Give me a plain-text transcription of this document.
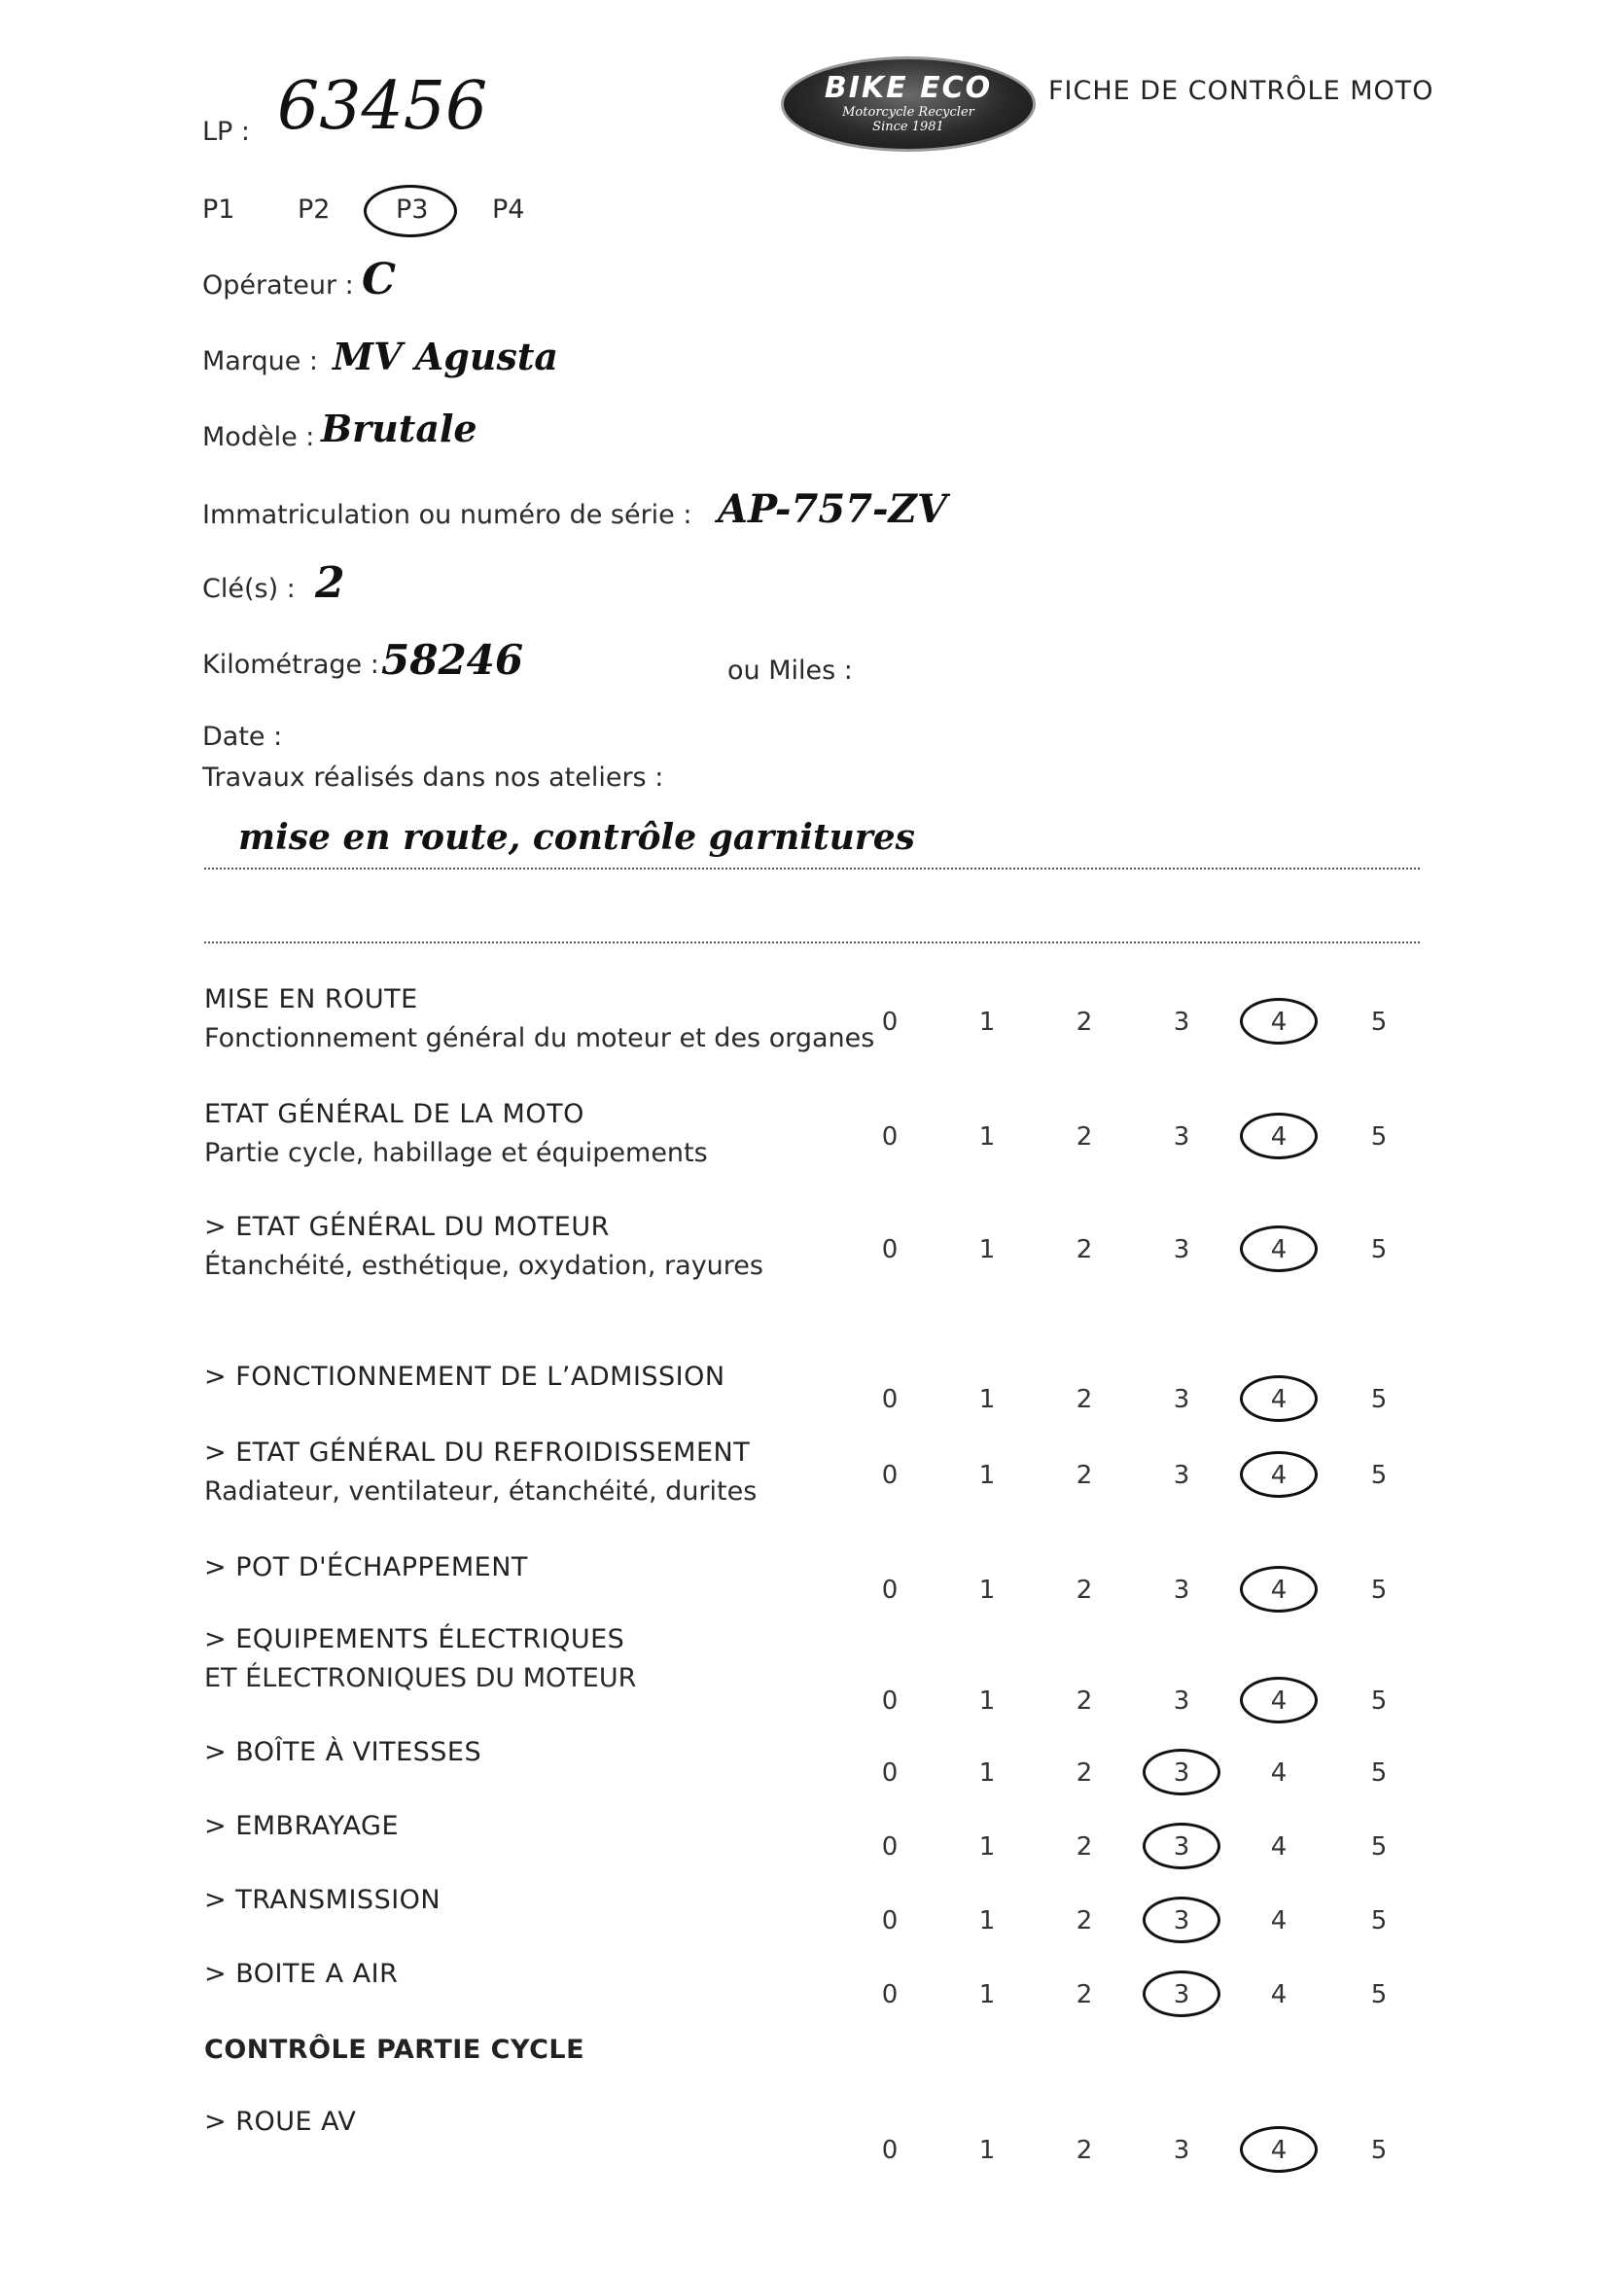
BIKE ECO
Motorcycle Recycler
Since 1981
FICHE DE CONTRÔLE MOTO
LP : 63456
P1 P2	P3 P4
Opérateur : C
Marque : MV Agusta
Modèle : Brutale
Immatriculation ou numéro de série : AP-757-ZV
Clé(s) : 2
Kilométrage : 58246	ou Miles :
Date :
Travaux réalisés dans nos ateliers :
mise en route, contrôle garnitures
MISE EN ROUTE
Fonctionnement général du moteur et des organes
0	1	2	3	4	5
ETAT GÉNÉRAL DE LA MOTO
Partie cycle, habillage et équipements
0	1	2	3	4	5
> ETAT GÉNÉRAL DU MOTEUR
Étanchéité, esthétique, oxydation, rayures
0	1	2	3	4	5
> FONCTIONNEMENT DE L’ADMISSION
0	1	2	3	4	5
> ETAT GÉNÉRAL DU REFROIDISSEMENT
Radiateur, ventilateur, étanchéité, durites
0	1	2	3	4	5
> POT D'ÉCHAPPEMENT
0	1	2	3	4	5
> EQUIPEMENTS ÉLECTRIQUES
ET ÉLECTRONIQUES DU MOTEUR
0	1	2	3	4	5
> BOÎTE À VITESSES
0	1	2	3	4	5
> EMBRAYAGE
0	1	2	3	4	5
> TRANSMISSION
0	1	2	3	4	5
> BOITE A AIR
0	1	2	3	4	5
> ROUE AV
0	1	2	3	4	5
CONTRÔLE PARTIE CYCLE
